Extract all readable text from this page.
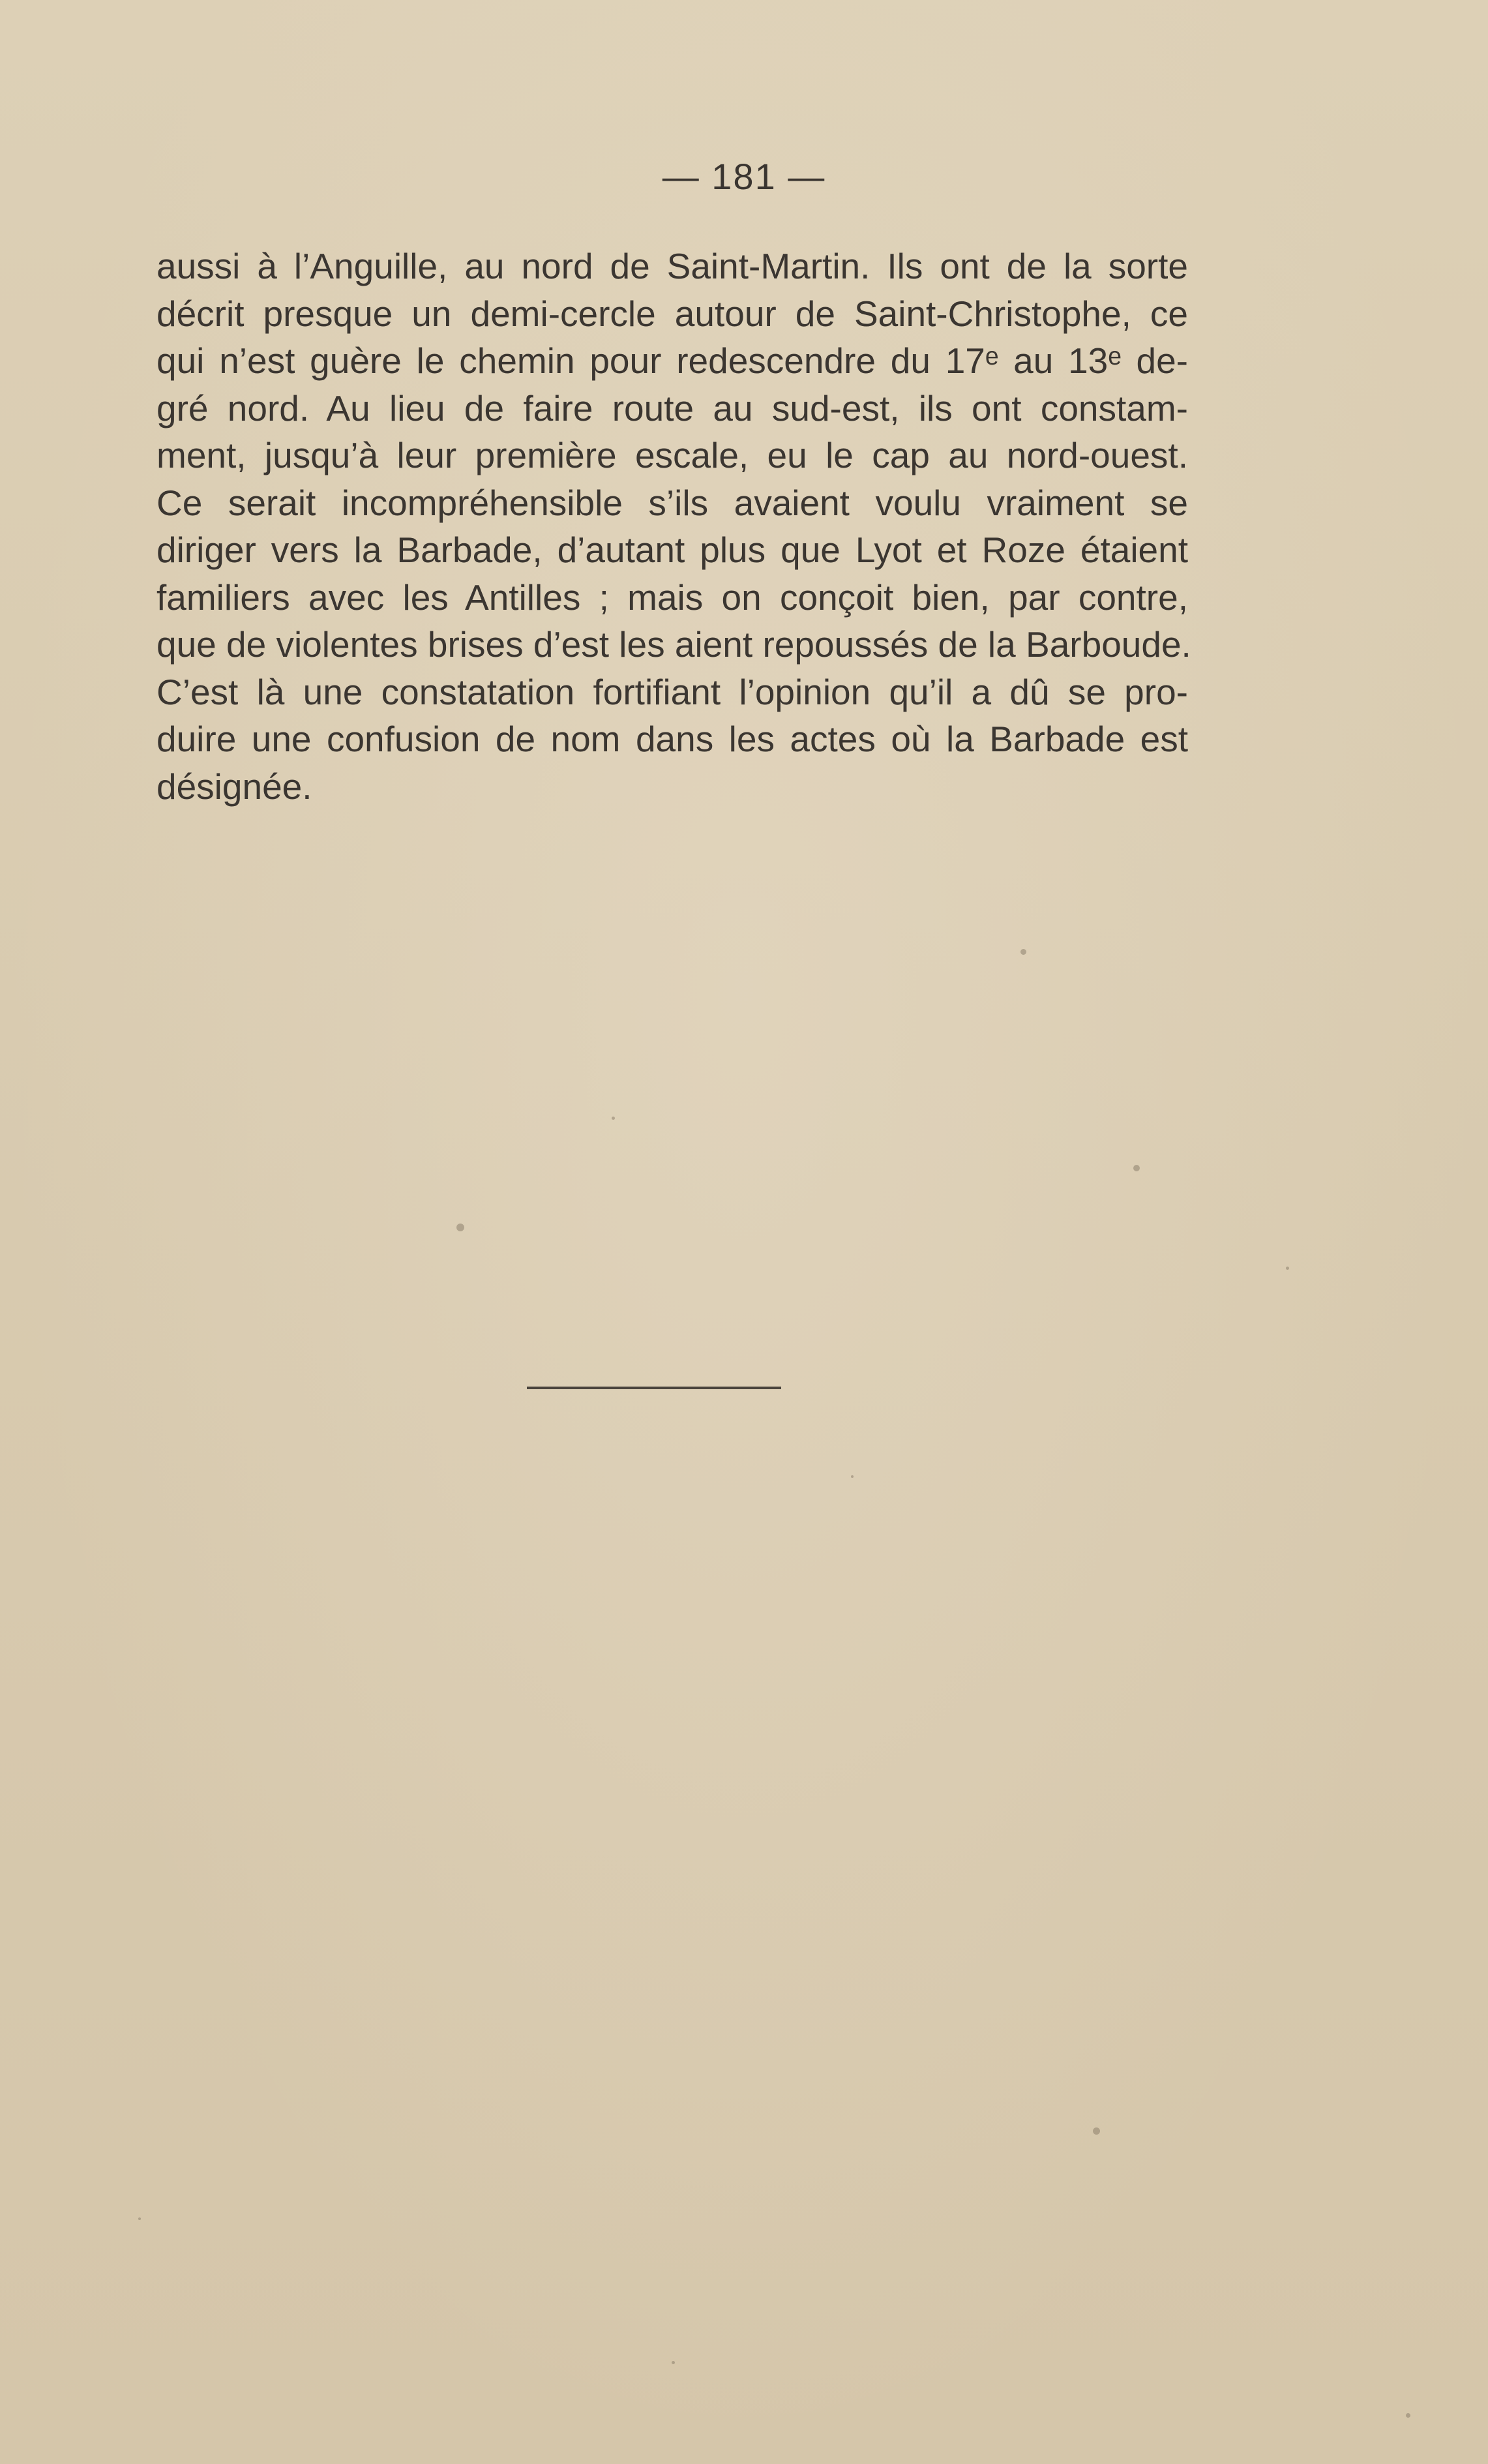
— 181 —
aussi à l’Anguille, au nord de Saint-Martin. Ils ont de la sorte
décrit presque un demi-cercle autour de Saint-Christophe, ce
qui n’est guère le chemin pour redescendre du 17ᵉ au 13ᵉ de-
gré nord. Au lieu de faire route au sud-est, ils ont constam-
ment, jusqu’à leur première escale, eu le cap au nord-ouest.
Ce serait incompréhensible s’ils avaient voulu vraiment se
diriger vers la Barbade, d’autant plus que Lyot et Roze étaient
familiers avec les Antilles ; mais on conçoit bien, par contre,
que de violentes brises d’est les aient repoussés de la Barboude.
C’est là une constatation fortifiant l’opinion qu’il a dû se pro-
duire une confusion de nom dans les actes où la Barbade est
désignée.
